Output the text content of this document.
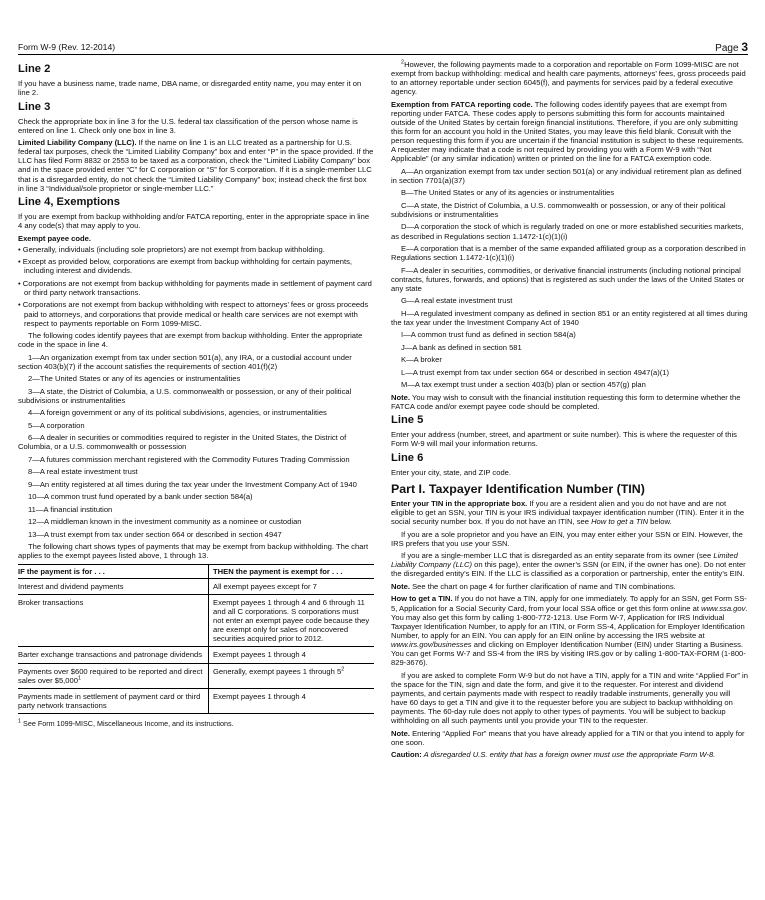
Form W-9 (Rev. 12-2014)	Page 3
Line 2

If you have a business name, trade name, DBA name, or disregarded entity name, you may enter it on line 2.

Line 3

Check the appropriate box in line 3 for the U.S. federal tax classification of the person whose name is entered on line 1. Check only one box in line 3.

Limited Liability Company (LLC). If the name on line 1 is an LLC treated as a partnership for U.S. federal tax purposes, check the “Limited Liability Company” box and enter “P” in the space provided. If the LLC has filed Form 8832 or 2553 to be taxed as a corporation, check the “Limited Liability Company” box and in the space provided enter “C” for C corporation or “S” for S corporation. If it is a single-member LLC that is a disregarded entity, do not check the “Limited Liability Company” box; instead check the first box in line 3 “Individual/sole proprietor or single-member LLC.”

Line 4, Exemptions

If you are exempt from backup withholding and/or FATCA reporting, enter in the appropriate space in line 4 any code(s) that may apply to you.

Exempt payee code.

• Generally, individuals (including sole proprietors) are not exempt from backup withholding.

• Except as provided below, corporations are exempt from backup withholding for certain payments, including interest and dividends.

• Corporations are not exempt from backup withholding for payments made in settlement of payment card or third party network transactions.

• Corporations are not exempt from backup withholding with respect to attorneys’ fees or gross proceeds paid to attorneys, and corporations that provide medical or health care services are not exempt with respect to payments reportable on Form 1099-MISC.

The following codes identify payees that are exempt from backup withholding. Enter the appropriate code in the space in line 4.

1—An organization exempt from tax under section 501(a), any IRA, or a custodial account under section 403(b)(7) if the account satisfies the requirements of section 401(f)(2)

2—The United States or any of its agencies or instrumentalities

3—A state, the District of Columbia, a U.S. commonwealth or possession, or any of their political subdivisions or instrumentalities

4—A foreign government or any of its political subdivisions, agencies, or instrumentalities

5—A corporation

6—A dealer in securities or commodities required to register in the United States, the District of Columbia, or a U.S. commonwealth or possession

7—A futures commission merchant registered with the Commodity Futures Trading Commission

8—A real estate investment trust

9—An entity registered at all times during the tax year under the Investment Company Act of 1940

10—A common trust fund operated by a bank under section 584(a)

11—A financial institution

12—A middleman known in the investment community as a nominee or custodian

13—A trust exempt from tax under section 664 or described in section 4947

The following chart shows types of payments that may be exempt from backup withholding. The chart applies to the exempt payees listed above, 1 through 13.

IF the payment is for . . .	THEN the payment is exempt for . . .
Interest and dividend payments	All exempt payees except for 7
Broker transactions	Exempt payees 1 through 4 and 6 through 11 and all C corporations. S corporations must not enter an exempt payee code because they are exempt only for sales of noncovered securities acquired prior to 2012.
Barter exchange transactions and patronage dividends	Exempt payees 1 through 4
Payments over $600 required to be reported and direct sales over $5,000$^1$	Generally, exempt payees 1 through $5^2$
Payments made in settlement of payment card or third party network transactions	Exempt payees 1 through 4

$^1$ See Form 1099-MISC, Miscellaneous Income, and its instructions.

$^2$However, the following payments made to a corporation and reportable on Form 1099-MISC are not exempt from backup withholding: medical and health care payments, attorneys’ fees, gross proceeds paid to an attorney reportable under section 6045(f), and payments for services paid by a federal executive agency.

Exemption from FATCA reporting code. The following codes identify payees that are exempt from reporting under FATCA. These codes apply to persons submitting this form for accounts maintained outside of the United States by certain foreign financial institutions. Therefore, if you are only submitting this form for an account you hold in the United States, you may leave this field blank. Consult with the person requesting this form if you are uncertain if the financial institution is subject to these requirements. A requester may indicate that a code is not required by providing you with a Form W-9 with “Not Applicable” (or any similar indication) written or printed on the line for a FATCA exemption code.

A—An organization exempt from tax under section 501(a) or any individual retirement plan as defined in section 7701(a)(37)

B—The United States or any of its agencies or instrumentalities

C—A state, the District of Columbia, a U.S. commonwealth or possession, or any of their political subdivisions or instrumentalities

D—A corporation the stock of which is regularly traded on one or more established securities markets, as described in Regulations section 1.1472-1(c)(1)(i)

E—A corporation that is a member of the same expanded affiliated group as a corporation described in Regulations section 1.1472-1(c)(1)(i)

F—A dealer in securities, commodities, or derivative financial instruments (including notional principal contracts, futures, forwards, and options) that is registered as such under the laws of the United States or any state

G—A real estate investment trust

H—A regulated investment company as defined in section 851 or an entity registered at all times during the tax year under the Investment Company Act of 1940

I—A common trust fund as defined in section 584(a)

J—A bank as defined in section 581

K—A broker

L—A trust exempt from tax under section 664 or described in section 4947(a)(1)

M—A tax exempt trust under a section 403(b) plan or section 457(g) plan

Note. You may wish to consult with the financial institution requesting this form to determine whether the FATCA code and/or exempt payee code should be completed.

Line 5

Enter your address (number, street, and apartment or suite number). This is where the requester of this Form W-9 will mail your information returns.

Line 6

Enter your city, state, and ZIP code.

Part I. Taxpayer Identification Number (TIN)

Enter your TIN in the appropriate box. If you are a resident alien and you do not have and are not eligible to get an SSN, your TIN is your IRS individual taxpayer identification number (ITIN). Enter it in the social security number box. If you do not have an ITIN, see How to get a TIN below.

If you are a sole proprietor and you have an EIN, you may enter either your SSN or EIN. However, the IRS prefers that you use your SSN.

If you are a single-member LLC that is disregarded as an entity separate from its owner (see Limited Liability Company (LLC) on this page), enter the owner’s SSN (or EIN, if the owner has one). Do not enter the disregarded entity’s EIN. If the LLC is classified as a corporation or partnership, enter the entity’s EIN.

Note. See the chart on page 4 for further clarification of name and TIN combinations.

How to get a TIN. If you do not have a TIN, apply for one immediately. To apply for an SSN, get Form SS-5, Application for a Social Security Card, from your local SSA office or get this form online at www.ssa.gov. You may also get this form by calling 1-800-772-1213. Use Form W-7, Application for IRS Individual Taxpayer Identification Number, to apply for an ITIN, or Form SS-4, Application for Employer Identification Number, to apply for an EIN. You can apply for an EIN online by accessing the IRS website at www.irs.gov/businesses and clicking on Employer Identification Number (EIN) under Starting a Business. You can get Forms W-7 and SS-4 from the IRS by visiting IRS.gov or by calling 1-800-TAX-FORM (1-800-829-3676).

If you are asked to complete Form W-9 but do not have a TIN, apply for a TIN and write “Applied For” in the space for the TIN, sign and date the form, and give it to the requester. For interest and dividend payments, and certain payments made with respect to readily tradable instruments, generally you will have 60 days to get a TIN and give it to the requester before you are subject to backup withholding on payments. The 60-day rule does not apply to other types of payments. You will be subject to backup withholding on all such payments until you provide your TIN to the requester.

Note. Entering “Applied For” means that you have already applied for a TIN or that you intend to apply for one soon.

Caution: A disregarded U.S. entity that has a foreign owner must use the appropriate Form W-8.
